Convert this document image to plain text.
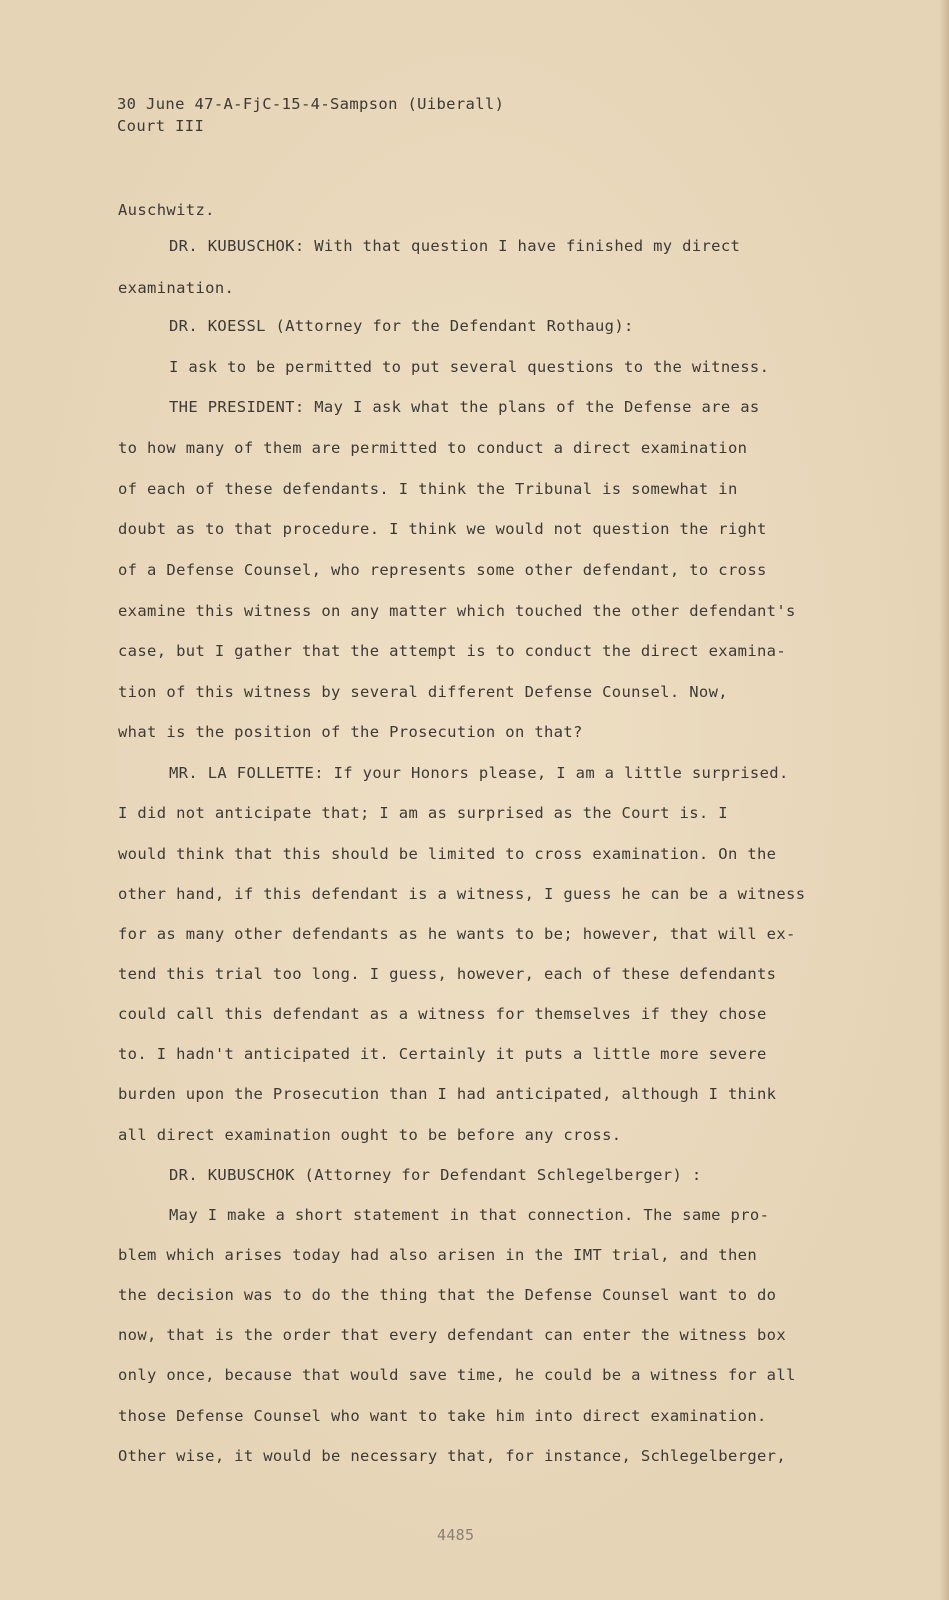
30 June 47-A-FjC-15-4-Sampson (Uiberall)

Court III

Auschwitz.

DR. KUBUSCHOK: With that question I have finished my direct

examination.

DR. KOESSL (Attorney for the Defendant Rothaug):

I ask to be permitted to put several questions to the witness.

THE PRESIDENT: May I ask what the plans of the Defense are as

to how many of them are permitted to conduct a direct examination

of each of these defendants. I think the Tribunal is somewhat in

doubt as to that procedure. I think we would not question the right

of a Defense Counsel, who represents some other defendant, to cross

examine this witness on any matter which touched the other defendant's

case, but I gather that the attempt is to conduct the direct examina-

tion of this witness by several different Defense Counsel. Now,

what is the position of the Prosecution on that?

MR. LA FOLLETTE: If your Honors please, I am a little surprised.

I did not anticipate that; I am as surprised as the Court is. I

would think that this should be limited to cross examination. On the

other hand, if this defendant is a witness, I guess he can be a witness

for as many other defendants as he wants to be; however, that will ex-

tend this trial too long. I guess, however, each of these defendants

could call this defendant as a witness for themselves if they chose

to. I hadn't anticipated it. Certainly it puts a little more severe

burden upon the Prosecution than I had anticipated, although I think

all direct examination ought to be before any cross.

DR. KUBUSCHOK (Attorney for Defendant Schlegelberger) :

May I make a short statement in that connection. The same pro-

blem which arises today had also arisen in the IMT trial, and then

the decision was to do the thing that the Defense Counsel want to do

now, that is the order that every defendant can enter the witness box

only once, because that would save time, he could be a witness for all

those Defense Counsel who want to take him into direct examination.

Other wise, it would be necessary that, for instance, Schlegelberger,

4485
